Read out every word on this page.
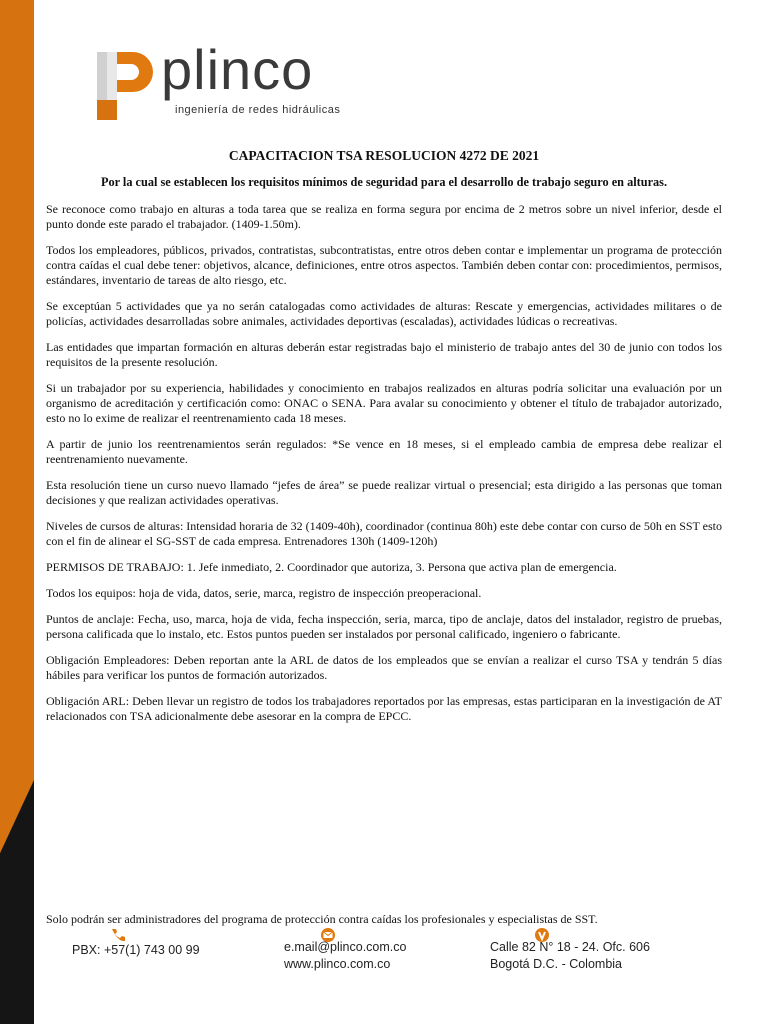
plinco
ingeniería de redes hidráulicas
CAPACITACION TSA RESOLUCION 4272 DE 2021
Por la cual se establecen los requisitos mínimos de seguridad para el desarrollo de trabajo seguro en alturas.

Se reconoce como trabajo en alturas a toda tarea que se realiza en forma segura por encima de 2 metros sobre un nivel inferior, desde el punto donde este parado el trabajador. (1409-1.50m).

Todos los empleadores, públicos, privados, contratistas, subcontratistas, entre otros deben contar e implementar un programa de protección contra caídas el cual debe tener: objetivos, alcance, definiciones, entre otros aspectos. También deben contar con: procedimientos, permisos, estándares, inventario de tareas de alto riesgo, etc.

Se exceptúan 5 actividades que ya no serán catalogadas como actividades de alturas: Rescate y emergencias, actividades militares o de policías, actividades desarrolladas sobre animales, actividades deportivas (escaladas), actividades lúdicas o recreativas.

Las entidades que impartan formación en alturas deberán estar registradas bajo el ministerio de trabajo antes del 30 de junio con todos los requisitos de la presente resolución.

Si un trabajador por su experiencia, habilidades y conocimiento en trabajos realizados en alturas podría solicitar una evaluación por un organismo de acreditación y certificación como: ONAC o SENA. Para avalar su conocimiento y obtener el título de trabajador autorizado, esto no lo exime de realizar el reentrenamiento cada 18 meses.

A partir de junio los reentrenamientos serán regulados: *Se vence en 18 meses, si el empleado cambia de empresa debe realizar el reentrenamiento nuevamente.

Esta resolución tiene un curso nuevo llamado “jefes de área” se puede realizar virtual o presencial; esta dirigido a las personas que toman decisiones y que realizan actividades operativas.

Niveles de cursos de alturas: Intensidad horaria de 32 (1409-40h), coordinador (continua 80h) este debe contar con curso de 50h en SST esto con el fin de alinear el SG-SST de cada empresa. Entrenadores 130h (1409-120h)

PERMISOS DE TRABAJO: 1. Jefe inmediato, 2. Coordinador que autoriza, 3. Persona que activa plan de emergencia.

Todos los equipos: hoja de vida, datos, serie, marca, registro de inspección preoperacional.

Puntos de anclaje: Fecha, uso, marca, hoja de vida, fecha inspección, seria, marca, tipo de anclaje, datos del instalador, registro de pruebas, persona calificada que lo instalo, etc. Estos puntos pueden ser instalados por personal calificado, ingeniero o fabricante.

Obligación Empleadores: Deben reportan ante la ARL de datos de los empleados que se envían a realizar el curso TSA y tendrán 5 días hábiles para verificar los puntos de formación autorizados.

Obligación ARL: Deben llevar un registro de todos los trabajadores reportados por las empresas, estas participaran en la investigación de AT relacionados con TSA adicionalmente debe asesorar en la compra de EPCC.

Solo podrán ser administradores del programa de protección contra caídas los profesionales y especialistas de SST.
PBX: +57(1) 743 00 99	e.mail@plinco.com.co
www.plinco.com.co
Calle 82 N° 18 - 24. Ofc. 606
Bogotá D.C. - Colombia
